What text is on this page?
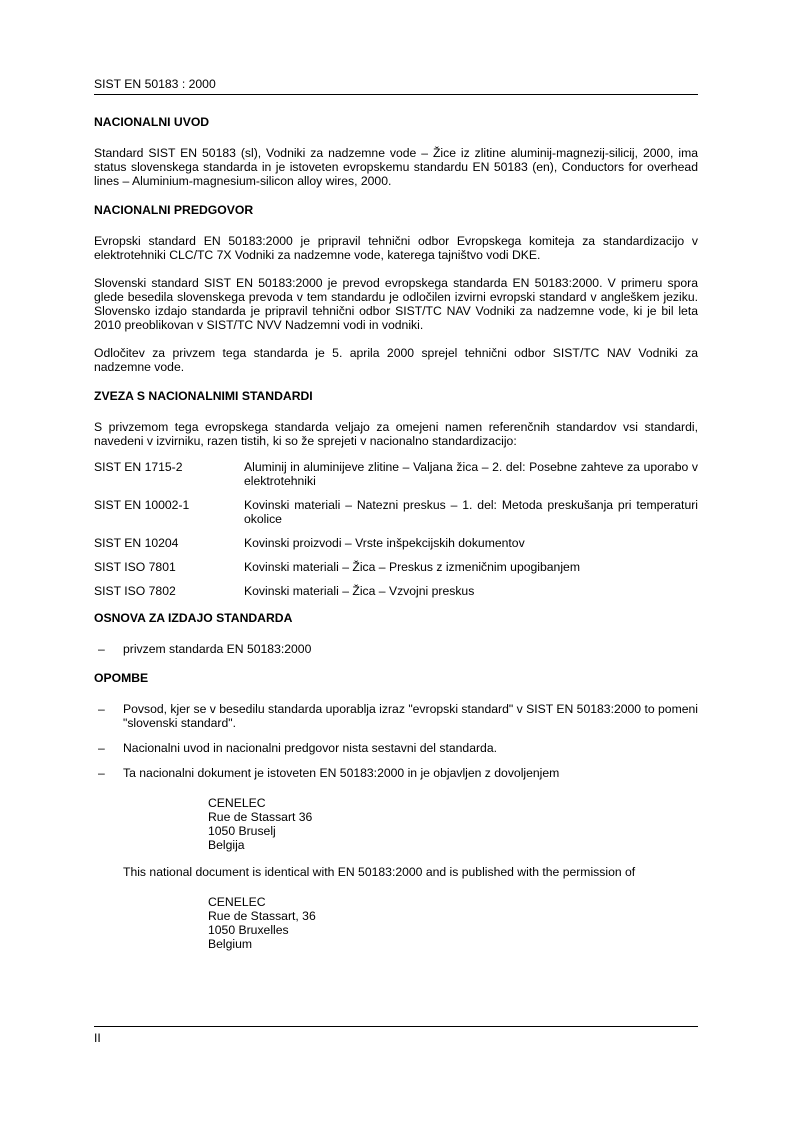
SIST EN 50183 : 2000
NACIONALNI UVOD

Standard SIST EN 50183 (sl), Vodniki za nadzemne vode – Žice iz zlitine aluminij-magnezij-silicij, 2000, ima status slovenskega standarda in je istoveten evropskemu standardu EN 50183 (en), Conductors for overhead lines – Aluminium-magnesium-silicon alloy wires, 2000.

NACIONALNI PREDGOVOR

Evropski standard EN 50183:2000 je pripravil tehnični odbor Evropskega komiteja za standardizacijo v elektrotehniki CLC/TC 7X Vodniki za nadzemne vode, katerega tajništvo vodi DKE.

Slovenski standard SIST EN 50183:2000 je prevod evropskega standarda EN 50183:2000. V primeru spora glede besedila slovenskega prevoda v tem standardu je odločilen izvirni evropski standard v angleškem jeziku. Slovensko izdajo standarda je pripravil tehnični odbor SIST/TC NAV Vodniki za nadzemne vode, ki je bil leta 2010 preoblikovan v SIST/TC NVV Nadzemni vodi in vodniki.

Odločitev za privzem tega standarda je 5. aprila 2000 sprejel tehnični odbor SIST/TC NAV Vodniki za nadzemne vode.

ZVEZA S NACIONALNIMI STANDARDI

S privzemom tega evropskega standarda veljajo za omejeni namen referenčnih standardov vsi standardi, navedeni v izvirniku, razen tistih, ki so že sprejeti v nacionalno standardizacijo:

SIST EN 1715-2	Aluminij in aluminijeve zlitine – Valjana žica – 2. del: Posebne zahteve za uporabo v elektrotehniki
SIST EN 10002-1	Kovinski materiali – Natezni preskus – 1. del: Metoda preskušanja pri temperaturi okolice
SIST EN 10204	Kovinski proizvodi – Vrste inšpekcijskih dokumentov
SIST ISO 7801	Kovinski materiali – Žica – Preskus z izmeničnim upogibanjem
SIST ISO 7802	Kovinski materiali – Žica – Vzvojni preskus
OSNOVA ZA IZDAJO STANDARDA
– privzem standarda EN 50183:2000
OPOMBE
– Povsod, kjer se v besedilu standarda uporablja izraz "evropski standard" v SIST EN 50183:2000 to pomeni "slovenski standard".
– Nacionalni uvod in nacionalni predgovor nista sestavni del standarda.
– Ta nacionalni dokument je istoveten EN 50183:2000 in je objavljen z dovoljenjem
CENELEC
Rue de Stassart 36
1050 Bruselj
Belgija
This national document is identical with EN 50183:2000 and is published with the permission of
CENELEC
Rue de Stassart, 36
1050 Bruxelles
Belgium
II
